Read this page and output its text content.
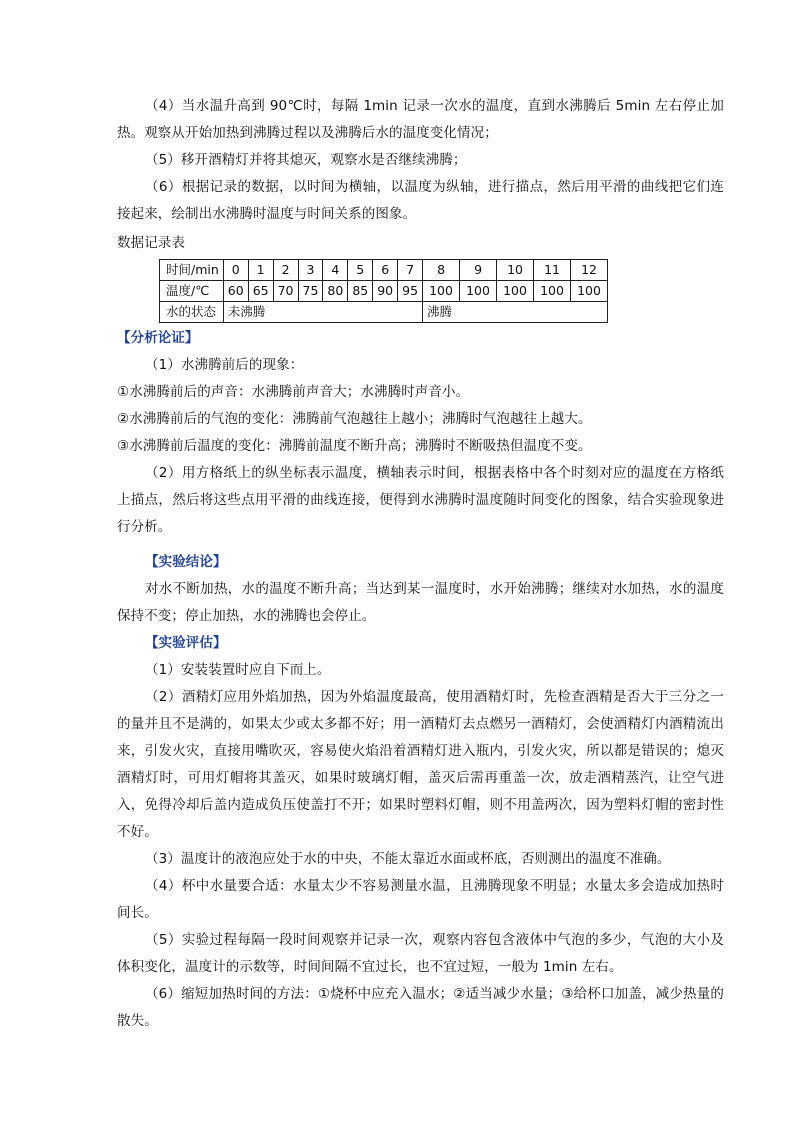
（4）当水温升高到 90℃时，每隔 1min 记录一次水的温度，直到水沸腾后 5min 左右停止加热。观察从开始加热到沸腾过程以及沸腾后水的温度变化情况；

（5）移开酒精灯并将其熄灭，观察水是否继续沸腾；

（6）根据记录的数据，以时间为横轴，以温度为纵轴，进行描点，然后用平滑的曲线把它们连接起来，绘制出水沸腾时温度与时间关系的图象。

数据记录表

时间/min	0	1	2	3	4	5	6	7	8	9	10	11	12
温度/℃	60	65	70	75	80	85	90	95	100	100	100	100	100
水的状态	未沸腾								沸腾				

【分析论证】

（1）水沸腾前后的现象：

①水沸腾前后的声音：水沸腾前声音大；水沸腾时声音小。

②水沸腾前后的气泡的变化：沸腾前气泡越往上越小；沸腾时气泡越往上越大。

③水沸腾前后温度的变化：沸腾前温度不断升高；沸腾时不断吸热但温度不变。

（2）用方格纸上的纵坐标表示温度，横轴表示时间，根据表格中各个时刻对应的温度在方格纸上描点，然后将这些点用平滑的曲线连接，便得到水沸腾时温度随时间变化的图象，结合实验现象进行分析。

【实验结论】

对水不断加热，水的温度不断升高；当达到某一温度时，水开始沸腾；继续对水加热，水的温度保持不变；停止加热，水的沸腾也会停止。

【实验评估】

（1）安装装置时应自下而上。

（2）酒精灯应用外焰加热，因为外焰温度最高，使用酒精灯时，先检查酒精是否大于三分之一的量并且不是满的，如果太少或太多都不好；用一酒精灯去点燃另一酒精灯，会使酒精灯内酒精流出来，引发火灾，直接用嘴吹灭，容易使火焰沿着酒精灯进入瓶内，引发火灾，所以都是错误的；熄灭酒精灯时，可用灯帽将其盖灭，如果时玻璃灯帽，盖灭后需再重盖一次，放走酒精蒸汽，让空气进入，免得冷却后盖内造成负压使盖打不开；如果时塑料灯帽，则不用盖两次，因为塑料灯帽的密封性不好。

（3）温度计的液泡应处于水的中央，不能太靠近水面或杯底，否则测出的温度不准确。

（4）杯中水量要合适：水量太少不容易测量水温，且沸腾现象不明显；水量太多会造成加热时间长。

（5）实验过程每隔一段时间观察并记录一次，观察内容包含液体中气泡的多少，气泡的大小及体积变化，温度计的示数等，时间间隔不宜过长，也不宜过短，一般为 1min 左右。

（6）缩短加热时间的方法：①烧杯中应充入温水；②适当减少水量；③给杯口加盖，减少热量的散失。
